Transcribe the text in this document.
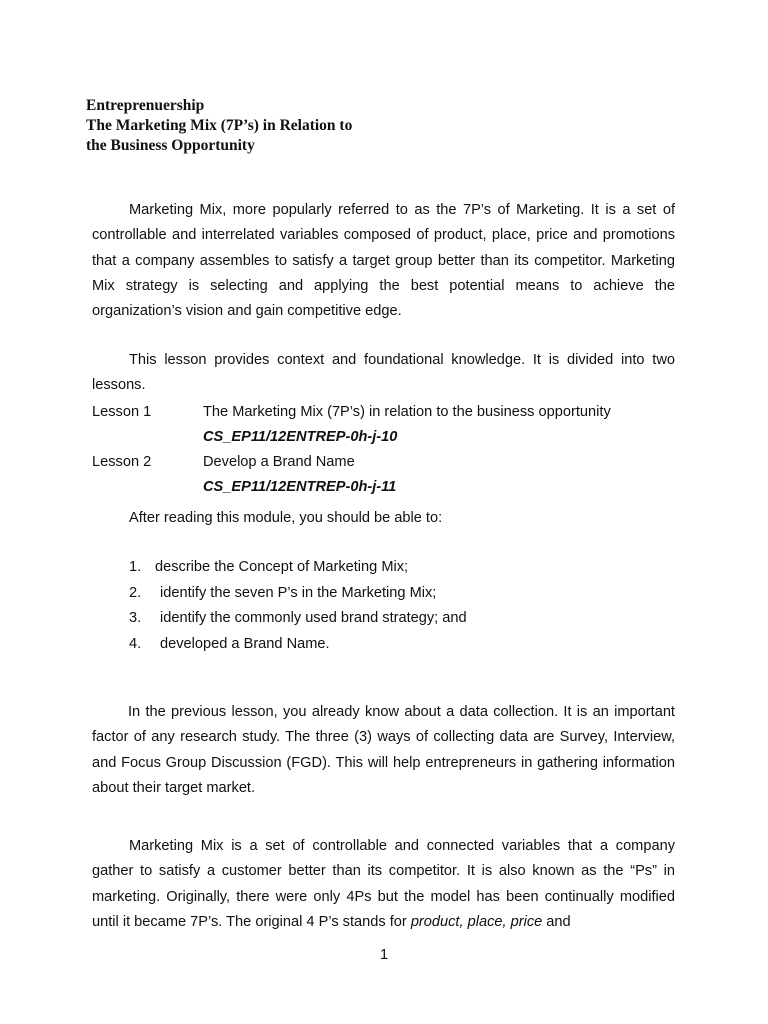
Entreprenuership
The Marketing Mix (7P’s) in Relation to
the Business Opportunity

Marketing Mix, more popularly referred to as the 7P’s of Marketing. It is a set of controllable and interrelated variables composed of product, place, price and promotions that a company assembles to satisfy a target group better than its competitor. Marketing Mix strategy is selecting and applying the best potential means to achieve the organization’s vision and gain competitive edge.

This lesson provides context and foundational knowledge. It is divided into two lessons.

Lesson 1	The Marketing Mix (7P’s) in relation to the business opportunity
CS_EP11/12ENTREP-0h-j-10
Lesson 2	Develop a Brand Name
CS_EP11/12ENTREP-0h-j-11
After reading this module, you should be able to:
1. describe the Concept of Marketing Mix;
2. identify the seven P’s in the Marketing Mix;
3. identify the commonly used brand strategy; and
4. developed a Brand Name.

In the previous lesson, you already know about a data collection. It is an important factor of any research study. The three (3) ways of collecting data are Survey, Interview, and Focus Group Discussion (FGD). This will help entrepreneurs in gathering information about their target market.

Marketing Mix is a set of controllable and connected variables that a company gather to satisfy a customer better than its competitor. It is also known as the “Ps” in marketing. Originally, there were only 4Ps but the model has been continually modified until it became 7P’s. The original 4 P’s stands for product, place, price and

1
